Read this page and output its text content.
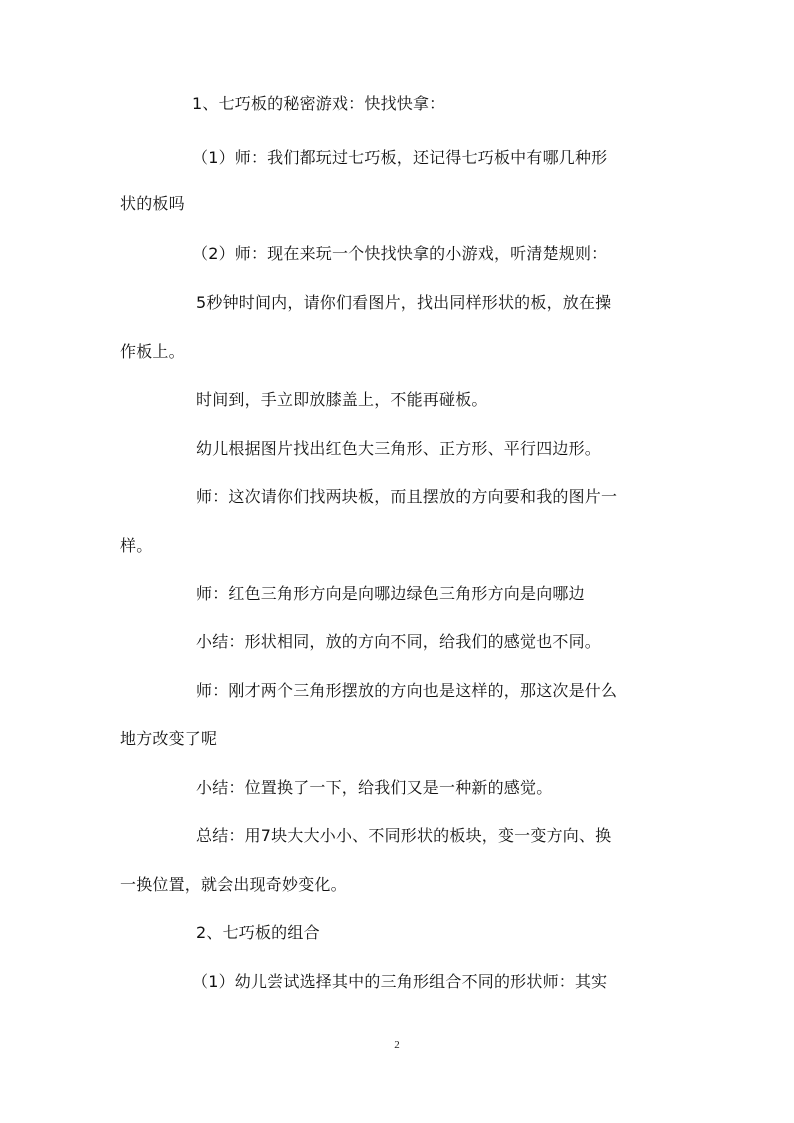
1、七巧板的秘密游戏：快找快拿：
（1）师：我们都玩过七巧板，还记得七巧板中有哪几种形
状的板吗
（2）师：现在来玩一个快找快拿的小游戏，听清楚规则：
5秒钟时间内，请你们看图片，找出同样形状的板，放在操
作板上。
时间到，手立即放膝盖上，不能再碰板。
幼儿根据图片找出红色大三角形、正方形、平行四边形。
师：这次请你们找两块板，而且摆放的方向要和我的图片一
样。
师：红色三角形方向是向哪边绿色三角形方向是向哪边
小结：形状相同，放的方向不同，给我们的感觉也不同。
师：刚才两个三角形摆放的方向也是这样的，那这次是什么
地方改变了呢
小结：位置换了一下，给我们又是一种新的感觉。
总结：用7块大大小小、不同形状的板块，变一变方向、换
一换位置，就会出现奇妙变化。
2、七巧板的组合
（1）幼儿尝试选择其中的三角形组合不同的形状师：其实
2
